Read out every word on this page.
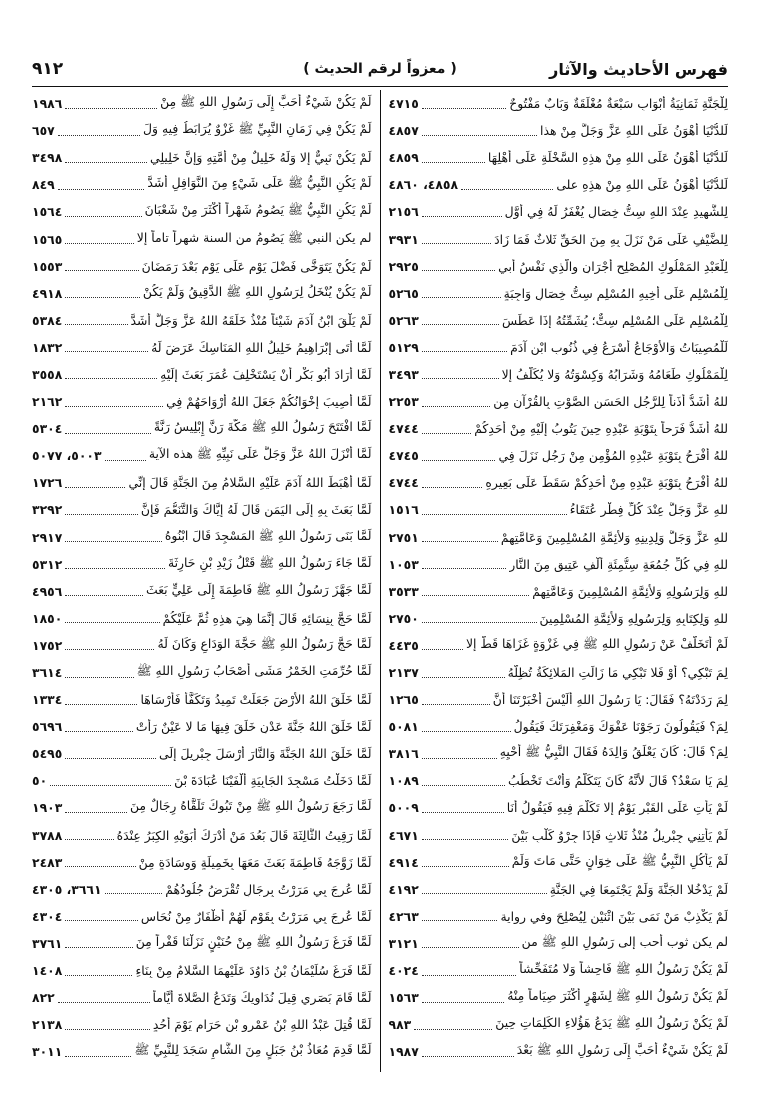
فهرس الأحاديث والآثار
( معزواً لرقم الحديث )
٩١٢
لِلْجَنَّةِ ثَمَانِيَةُ أَبْوَابٍ سَبْعَةٌ مُغْلَقَةٌ وَبَابٌ مَفْتُوحٌ
٤٧١٥
لَلدُّنْيَا أَهْوَنُ عَلَى اللهِ عَزَّ وَجَلَّ مِنْ هذا
٤٨٥٧
لَلدُّنْيَا أَهْوَنُ عَلَى اللهِ مِنْ هذِهِ السَّخْلَةِ عَلَى أَهْلِهَا
٤٨٥٩
لَلدُّنْيَا أَهْوَنُ عَلَى اللهِ مِنْ هذِهِ على
٤٨٥٨، ٤٨٦٠
لِلشَّهِيدِ عِنْدَ اللهِ سِتُّ خِصَالٍ يُغْفَرُ لَهُ فِي أَوَّلِ
٢١٥٦
لِلضَّيْفِ عَلَى مَنْ نَزَلَ بِهِ مِنَ الحَقِّ ثَلاثٌ فَمَا زَادَ
٣٩٣١
لِلْعَبْدِ المَمْلُوكِ المُصْلِحِ أَجْرَانِ والَّذِي نَفْسُ أبي
٢٩٢٥
لِلْمُسْلِمِ عَلَى أَخِيهِ المُسْلِمِ سِتُّ خِصَالٍ وَاجِبَةٍ
٥٢٦٥
لِلْمُسْلِمِ عَلَى المُسْلِمِ سِتٌّ؛ يُشَمِّتُهُ إِذَا عَطَسَ
٥٢٦٣
لَلْمُصِيبَاتُ وَالأَوْجَاعُ أَسْرَعُ فِي ذُنُوبِ ابْنِ آدَمَ
٥١٢٩
لِلْمَمْلُوكِ طَعَامُهُ وَشَرَابُهُ وَكِسْوَتُهُ وَلا يُكَلَّفُ إلا
٣٤٩٣
للهُ أَشَدُّ أَذَناً لِلرَّجُلِ الحَسَنِ الصَّوْتِ بِالقُرْآنِ مِن
٢٢٥٣
للهُ أَشَدُّ فَرَحاً بِتَوْبَةِ عَبْدِهِ حِينَ يَتُوبُ إِلَيْهِ مِنْ أَحَدِكُمْ
٤٧٤٤
للهُ أَفْرَحُ بِتَوْبَةِ عَبْدِهِ المُؤْمِنِ مِنْ رَجُلٍ نَزَلَ فِي
٤٧٤٥
للهُ أَفْرَحُ بِتَوْبَةِ عَبْدِهِ مِنْ أَحَدِكُمْ سَقَطَ عَلَى بَعِيرِهِ
٤٧٤٤
للهِ عَزَّ وَجَلَّ عِنْدَ كُلِّ فِطْرٍ عُتَقَاءُ
١٥١٦
للهِ عَزَّ وَجَلَّ وَلِدِينِهِ وَلأَئِمَّةِ المُسْلِمِينَ وَعَامَّتِهِمْ
٢٧٥١
للهِ فِي كُلِّ جُمُعَةٍ سِتُّمِئَةِ أَلْفِ عَتِيقٍ مِنَ النَّارِ
١٠٥٣
للهِ وَلِرَسُولِهِ وَلأَئِمَّةِ المُسْلِمِينَ وَعَامَّتِهِمْ
٣٥٣٣
للهِ وَلِكِتَابِهِ وَلِرَسُولِهِ وَلأَئِمَّةِ المُسْلِمِينَ
٢٧٥٠
لَمْ أَتَخَلَّفْ عَنْ رَسُولِ اللهِ ﷺ فِي غَزْوَةٍ غَزَاهَا قَطُّ إلا
٤٤٣٥
لِمَ تَبْكِي؟ أَوْ فَلا تَبْكِي مَا زَالَتِ المَلائِكَةُ تُظِلُّهُ
٢١٣٧
لِمَ رَدَدْتَهُ؟ فَقَالَ: يَا رَسُولَ اللهِ أَلَيْسَ أَخْبَرْتَنَا أَنَّ
١٢٦٥
لِمَ؟ فَيَقُولُونَ رَجَوْنَا عَفْوَكَ وَمَغْفِرَتَكَ فَيَقُولُ
٥٠٨١
لِمَ؟ قَالَ: كَانَ يَعْلَقُ وَالِدَهُ فَقَالَ النَّبِيُّ ﷺ أَحْيِهِ
٣٨١٦
لِمَ يَا سَعْدُ؟ قَالَ لأَنَّهُ كَانَ يَتَكَلَّمُ وَأَنْتَ تَخْطُبُ
١٠٨٩
لَمْ يَأْتِ عَلَى القَبْرِ يَوْمٌ إلا تَكَلَّمَ فِيهِ فَيَقُولُ أَنَا
٥٠٠٩
لَمْ يَأْتِنِي جِبْرِيلُ مُنْذُ ثَلاثٍ فَإِذَا جِرْوُ كَلْبٍ بَيْنَ
٤٦٧١
لَمْ يَأْكُلِ النَّبِيُّ ﷺ عَلَى خِوَانٍ حَتَّى مَاتَ وَلَمْ
٤٩١٤
لَمْ يَدْخُلا الجَنَّةَ وَلَمْ يَجْتَمِعَا فِي الجَنَّةِ
٤١٩٢
لَمْ يَكْذِبْ مَنْ نَمَى بَيْنَ اثْنَيْنِ لِيُصْلِحَ وفي رواية
٤٢٦٣
لم يكن ثوب أحب إلى رَسُولِ اللهِ ﷺ من
٣١٢١
لَمْ يَكُنْ رَسُولُ اللهِ ﷺ فَاحِشاً وَلا مُتَفَحِّشاً
٤٠٢٤
لَمْ يَكُنْ رَسُولُ اللهِ ﷺ لِشَهْرٍ أَكْثَرَ صِيَاماً مِنْهُ
١٥٦٣
لَمْ يَكُنْ رَسُولُ اللهِ ﷺ يَدَعُ هَؤُلاءِ الكَلِمَاتِ حِينَ
٩٨٣
لَمْ يَكُنْ شَيْءٌ أَحَبَّ إِلَى رَسُولِ اللهِ ﷺ بَعْدَ
١٩٨٧
لَمْ يَكُنْ شَيْءٌ أَحَبَّ إِلَى رَسُولِ اللهِ ﷺ مِنْ
١٩٨٦
لَمْ يَكُنْ فِي زَمَانِ النَّبِيِّ ﷺ غَزْوٌ يُرَابَطُ فِيهِ وَلَ
٦٥٧
لَمْ يَكُنْ نَبِيٌّ إلا وَلَهُ خَلِيلٌ مِنْ أُمَّتِهِ وَإِنَّ خَلِيلِي
٣٤٩٨
لَمْ يَكُنِ النَّبِيُّ ﷺ عَلَى شَيْءٍ مِنَ النَّوَافِلِ أَشَدَّ
٨٤٩
لَمْ يَكُنِ النَّبِيُّ ﷺ يَصُومُ شَهْراً أَكْثَرَ مِنْ شَعْبَانَ
١٥٦٤
لم يكن النبي ﷺ يَصُومُ من السنة شهراً تاماً إلا
١٥٦٥
لَمْ يَكُنْ يَتَوَخَّى فَضْلَ يَوْمٍ عَلَى يَوْمٍ بَعْدَ رَمَضَانَ
١٥٥٣
لَمْ يَكُنْ يُنْخَلُ لِرَسُولِ اللهِ ﷺ الدَّقِيقُ وَلَمْ يَكُنْ
٤٩١٨
لَمْ يَلْقَ ابْنُ آدَمَ شَيْئاً مُنْذُ خَلَقَهُ اللهُ عَزَّ وَجَلَّ أَشَدَّ
٥٣٨٤
لَمَّا أَتَى إِبْرَاهِيمُ خَلِيلُ اللهِ المَنَاسِكَ عَرَضَ لَهُ
١٨٣٢
لَمَّا أَرَادَ أَبُو بَكْرٍ أَنْ يَسْتَخْلِفَ عُمَرَ بَعَثَ إِلَيْهِ
٣٥٥٨
لَمَّا أُصِيبَ إِخْوَانُكُمْ جَعَلَ اللهُ أَرْوَاحَهُمْ فِي
٢١٦٢
لَمَّا افْتَتَحَ رَسُولُ اللهِ ﷺ مَكَّةَ رَنَّ إِبْلِيسُ رَنَّةً
٥٣٠٤
لَمَّا أَنْزَلَ اللهُ عَزَّ وَجَلَّ عَلَى نَبِيِّهِ ﷺ هذه الآية
٥٠٠٣، ٥٠٧٧
لَمَّا أَهْبَطَ اللهُ آدَمَ عَلَيْهِ السَّلامُ مِنَ الجَنَّةِ قَالَ إِنِّي
١٧٢٦
لَمَّا بَعَثَ بِهِ إِلَى اليَمَنِ قَالَ لَهُ إِيَّاكَ وَالتَّنَعُّمَ فَإِنَّ
٣٢٩٢
لَمَّا بَنَى رَسُولُ اللهِ ﷺ المَسْجِدَ قَالَ ابْنُوهُ
٢٩١٧
لَمَّا جَاءَ رَسُولُ اللهِ ﷺ قَتْلُ زَيْدِ بْنِ حَارِثَةَ
٥٣١٢
لَمَّا جَهَّزَ رَسُولُ اللهِ ﷺ فَاطِمَةَ إِلَى عَلِيٍّ بَعَثَ
٤٩٥٦
لَمَّا حَجَّ بِنِسَائِهِ قَالَ إِنَّمَا هِيَ هذِهِ ثُمَّ عَلَيْكُمْ
١٨٥٠
لَمَّا حَجَّ رَسُولُ اللهِ ﷺ حَجَّةَ الوَدَاعِ وَكَانَ لَهُ
١٧٥٢
لَمَّا حُرِّمَتِ الخَمْرُ مَشَى أَصْحَابُ رَسُولِ اللهِ ﷺ
٣٦١٤
لَمَّا خَلَقَ اللهُ الأَرْضَ جَعَلَتْ تَمِيدُ وَتَكَفَّأُ فَأَرْسَاهَا
١٣٣٤
لَمَّا خَلَقَ اللهُ جَنَّةَ عَدْنٍ خَلَقَ فِيهَا مَا لا عَيْنٌ رَأَتْ
٥٦٩٦
لَمَّا خَلَقَ اللهُ الجَنَّةَ وَالنَّارَ أَرْسَلَ جِبْرِيلَ إِلَى
٥٤٩٥
لَمَّا دَخَلْتُ مَسْجِدَ الجَابِيَةِ أَلْفَيْنَا عُبَادَةَ بْنَ
٥٠
لَمَّا رَجَعَ رَسُولُ اللهِ ﷺ مِنْ تَبُوكَ تَلَقَّاهُ رِجَالٌ مِنَ
١٩٠٣
لَمَّا رَقِيتُ الثَّالِثَةَ قَالَ بَعُدَ مَنْ أَدْرَكَ أَبَوَيْهِ الكِبَرُ عِنْدَهُ
٣٧٨٨
لَمَّا زَوَّجَهُ فَاطِمَةَ بَعَثَ مَعَهَا بِخَمِيلَةٍ وَوِسَادَةٍ مِنْ
٢٤٨٣
لَمَّا عُرِجَ بِي مَرَرْتُ بِرِجَالٍ تُقْرَضُ جُلُودُهُمْ
٣٦٦١، ٤٣٠٥
لَمَّا عُرِجَ بِي مَرَرْتُ بِقَوْمٍ لَهُمْ أَظْفَارٌ مِنْ نُحَاسٍ
٤٣٠٤
لَمَّا فَرَغَ رَسُولُ اللهِ ﷺ مِنْ حُنَيْنٍ نَزَلْنَا قَفْراً مِنَ
٣٧٦١
لَمَّا فَرَغَ سُلَيْمَانُ بْنُ دَاوُدَ عَلَيْهِمَا السَّلامُ مِنْ بِنَاءِ
١٤٠٨
لَمَّا قَامَ بَصَرِي قِيلَ نُدَاوِيكَ وَتَدَعُ الصَّلاةَ أَيَّاماً
٨٢٢
لَمَّا قُتِلَ عَبْدُ اللهِ بْنُ عَمْرِو بْنِ حَرَامٍ يَوْمَ أُحُدٍ
٢١٣٨
لَمَّا قَدِمَ مُعَاذُ بْنُ جَبَلٍ مِنَ الشَّامِ سَجَدَ لِلنَّبِيِّ ﷺ
٣٠١١
